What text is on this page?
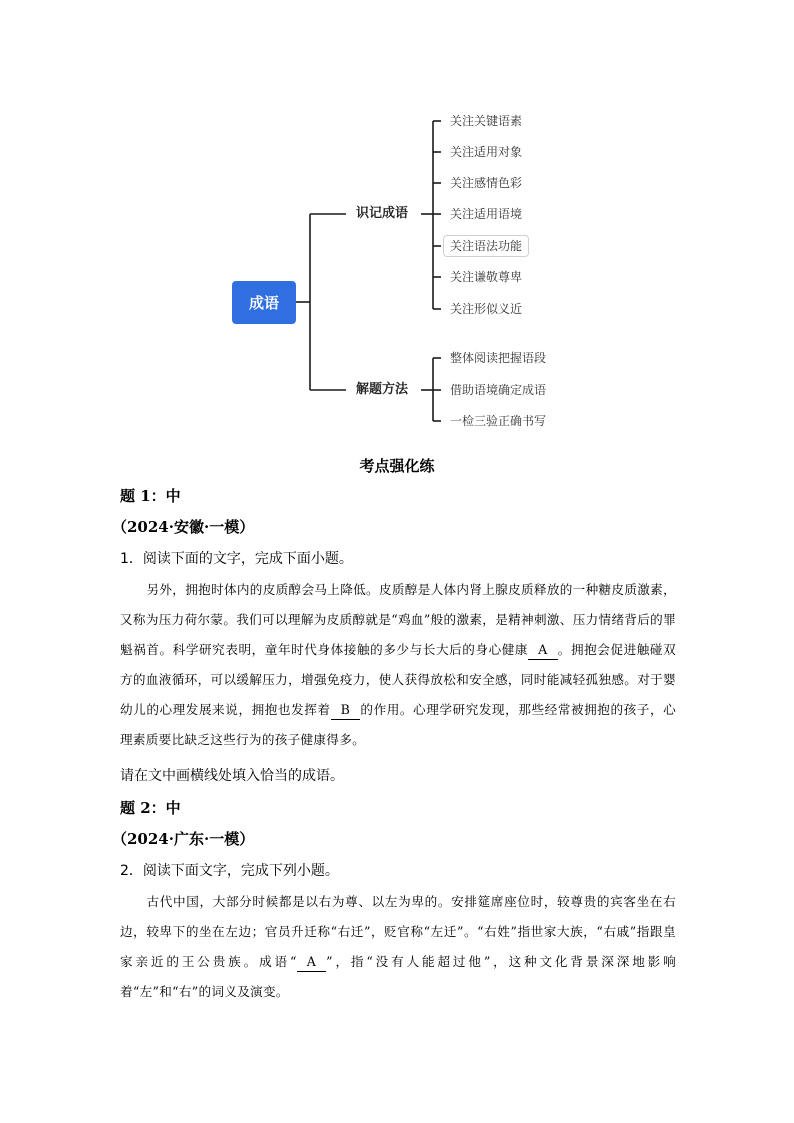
成语
识记成语
解题方法
关注关键语素
关注适用对象
关注感情色彩
关注适用语境
关注语法功能
关注谦敬尊卑
关注形似义近
整体阅读把握语段
借助语境确定成语
一检三验正确书写
考点强化练
题 1：中
（2024·安徽·一模）
1．阅读下面的文字，完成下面小题。

另外，拥抱时体内的皮质醇会马上降低。皮质醇是人体内肾上腺皮质释放的一种糖皮质激素，又称为压力荷尔蒙。我们可以理解为皮质醇就是“鸡血”般的激素，是精神刺激、压力情绪背后的罪魁祸首。科学研究表明，童年时代身体接触的多少与长大后的身心健康 A 。拥抱会促进触碰双方的血液循环，可以缓解压力，增强免疫力，使人获得放松和安全感，同时能减轻孤独感。对于婴幼儿的心理发展来说，拥抱也发挥着 B 的作用。心理学研究发现，那些经常被拥抱的孩子，心理素质要比缺乏这些行为的孩子健康得多。

请在文中画横线处填入恰当的成语。
题 2：中
（2024·广东·一模）
2．阅读下面文字，完成下列小题。

古代中国，大部分时候都是以右为尊、以左为卑的。安排筵席座位时，较尊贵的宾客坐在右边，较卑下的坐在左边；官员升迁称“右迁”，贬官称“左迁”。“右姓”指世家大族，“右戚”指跟皇家亲近的王公贵族。成语“ A ”，指“没有人能超过他”，这种文化背景深深地影响着“左”和“右”的词义及演变。
